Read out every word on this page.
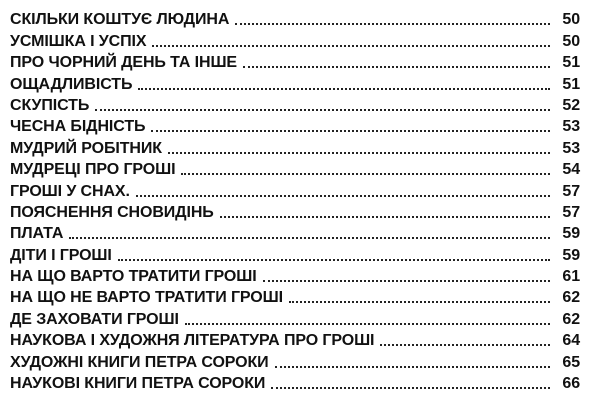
СКІЛЬКИ КОШТУЄ ЛЮДИНА	50
УСМІШКА І УСПІХ	50
ПРО ЧОРНИЙ ДЕНЬ ТА ІНШЕ	51
ОЩАДЛИВІСТЬ	51
СКУПІСТЬ	52
ЧЕСНА БІДНІСТЬ	53
МУДРИЙ РОБІТНИК	53
МУДРЕЦІ ПРО ГРОШІ	54
ГРОШІ У СНАХ.	57
ПОЯСНЕННЯ СНОВИДІНЬ	57
ПЛАТА	59
ДІТИ І ГРОШІ	59
НА ЩО ВАРТО ТРАТИТИ ГРОШІ	61
НА ЩО НЕ ВАРТО ТРАТИТИ ГРОШІ	62
ДЕ ЗАХОВАТИ ГРОШІ	62
НАУКОВА І ХУДОЖНЯ ЛІТЕРАТУРА ПРО ГРОШІ	64
ХУДОЖНІ КНИГИ ПЕТРА СОРОКИ	65
НАУКОВІ КНИГИ ПЕТРА СОРОКИ	66
